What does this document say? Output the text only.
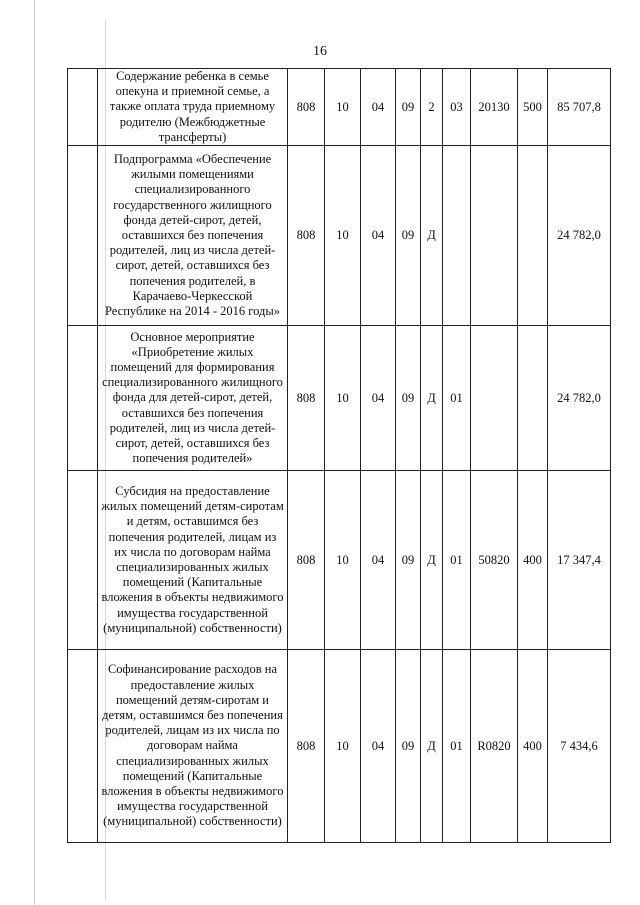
16
	Содержание ребенка в семье опекуна и приемной семье, а также оплата труда приемному родителю (Межбюджетные трансферты)	808	10	04	09	2	03	20130	500	85 707,8
	Подпрограмма «Обеспечение жилыми помещениями специализированного государственного жилищного фонда детей-сирот, детей, оставшихся без попечения родителей, лиц из числа детей-сирот, детей, оставшихся без попечения родителей, в Карачаево-Черкесской Республике на 2014 - 2016 годы»	808	10	04	09	Д				24 782,0
	Основное мероприятие «Приобретение жилых помещений для формирования специализированного жилищного фонда для детей-сирот, детей, оставшихся без попечения родителей, лиц из числа детей-сирот, детей, оставшихся без попечения родителей»	808	10	04	09	Д	01			24 782,0
	Субсидия на предоставление жилых помещений детям-сиротам и детям, оставшимся без попечения родителей, лицам из их числа по договорам найма специализированных жилых помещений (Капитальные вложения в объекты недвижимого имущества государственной (муниципальной) собственности)	808	10	04	09	Д	01	50820	400	17 347,4
	Софинансирование расходов на предоставление жилых помещений детям-сиротам и детям, оставшимся без попечения родителей, лицам из их числа по договорам найма специализированных жилых помещений (Капитальные вложения в объекты недвижимого имущества государственной (муниципальной) собственности)	808	10	04	09	Д	01	R0820	400	7 434,6
